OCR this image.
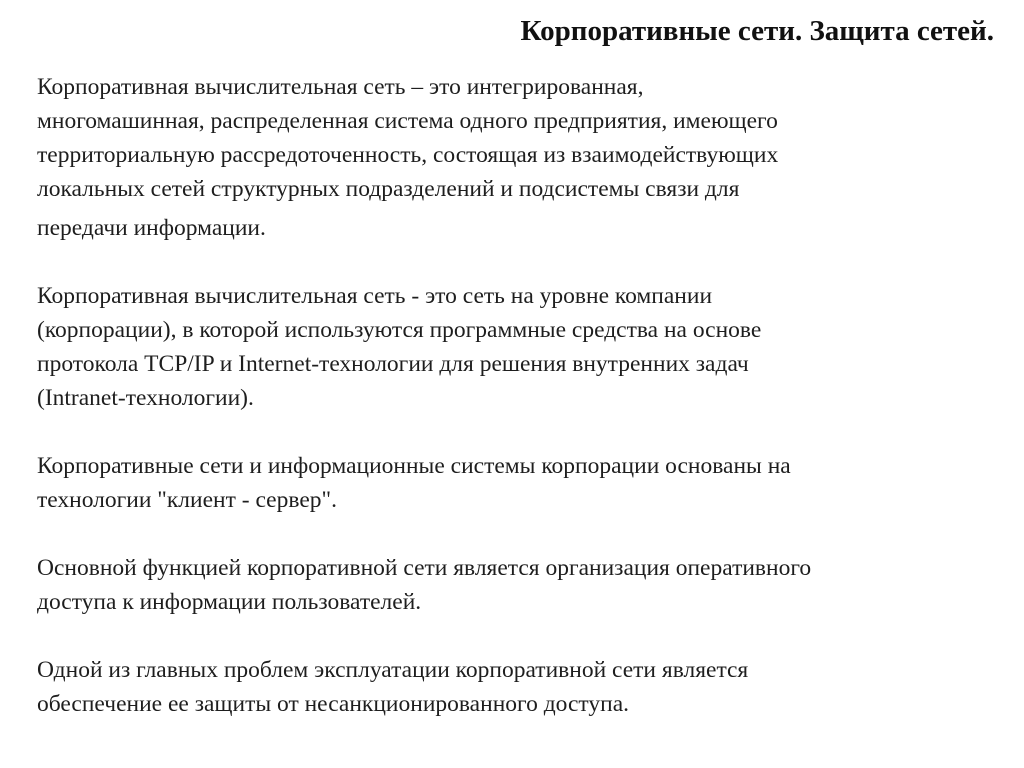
Корпоративные сети. Защита сетей.

Корпоративная вычислительная сеть – это интегрированная,
многомашинная, распределенная система одного предприятия, имеющего
территориальную рассредоточенность, состоящая из взаимодействующих
локальных сетей структурных подразделений и подсистемы связи для
передачи информации.

Корпоративная вычислительная сеть - это сеть на уровне компании
(корпорации), в которой используются программные средства на основе
протокола TCP/IP и Internet-технологии для решения внутренних задач
(Intranet-технологии).

Корпоративные сети и информационные системы корпорации основаны на
технологии "клиент - сервер".

Основной функцией корпоративной сети является организация оперативного
доступа к информации пользователей.

Одной из главных проблем эксплуатации корпоративной сети является
обеспечение ее защиты от несанкционированного доступа.
